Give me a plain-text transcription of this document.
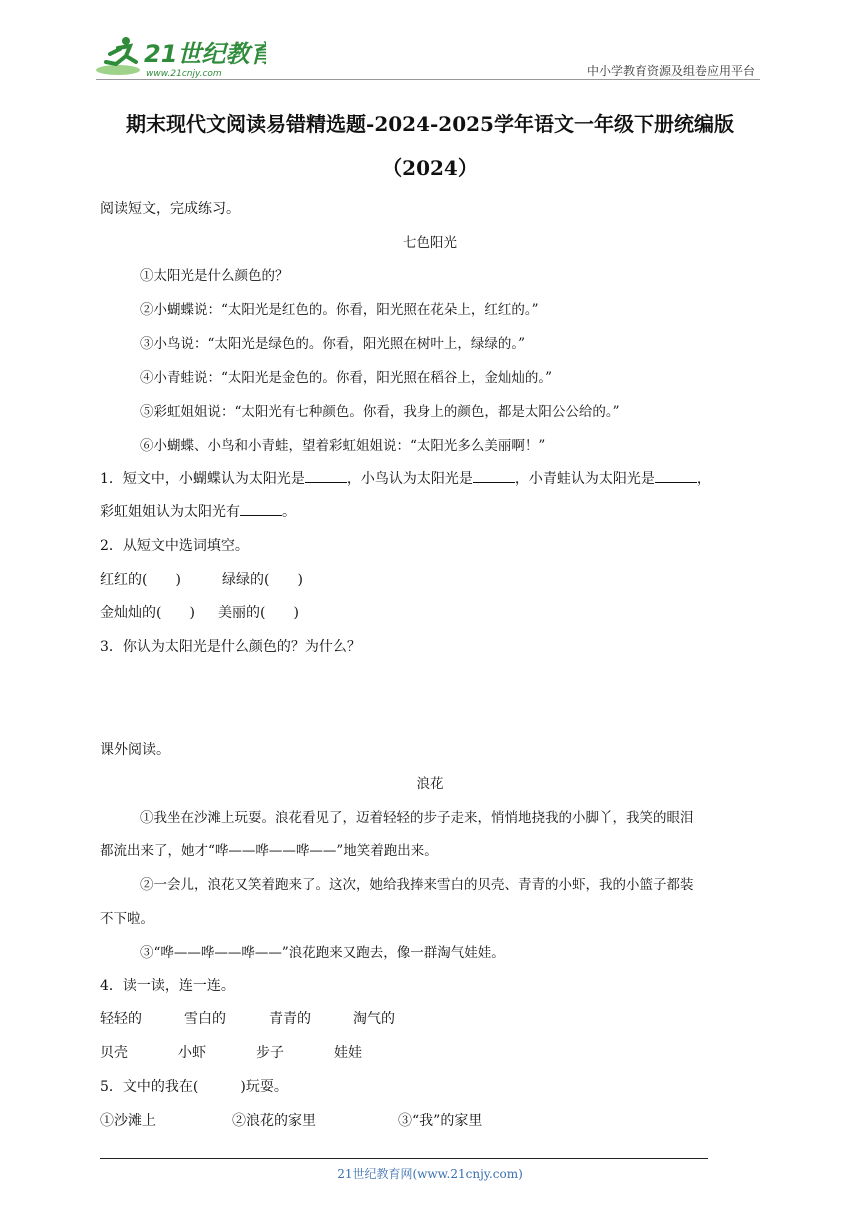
21世纪教育
www.21cnjy.com	中小学教育资源及组卷应用平台
期末现代文阅读易错精选题-2024-2025学年语文一年级下册统编版
（2024）
阅读短文，完成练习。
七色阳光
①太阳光是什么颜色的？
②小蝴蝶说：“太阳光是红色的。你看，阳光照在花朵上，红红的。”
③小鸟说：“太阳光是绿色的。你看，阳光照在树叶上，绿绿的。”
④小青蛙说：“太阳光是金色的。你看，阳光照在稻谷上，金灿灿的。”
⑤彩虹姐姐说：“太阳光有七种颜色。你看，我身上的颜色，都是太阳公公给的。”
⑥小蝴蝶、小鸟和小青蛙，望着彩虹姐姐说：“太阳光多么美丽啊！”
1．短文中，小蝴蝶认为太阳光是	，小鸟认为太阳光是	，小青蛙认为太阳光是	，
彩虹姐姐认为太阳光有	。
2．从短文中选词填空。
红红的(　　)	绿绿的(　　)
金灿灿的(　　) 美丽的(　　)
3．你认为太阳光是什么颜色的？为什么？
课外阅读。
浪花
①我坐在沙滩上玩耍。浪花看见了，迈着轻轻的步子走来，悄悄地挠我的小脚丫，我笑的眼泪
都流出来了，她才“哗——哗——哗——”地笑着跑出来。
②一会儿，浪花又笑着跑来了。这次，她给我捧来雪白的贝壳、青青的小虾，我的小篮子都装
不下啦。
③“哗——哗——哗——”浪花跑来又跑去，像一群淘气娃娃。
4．读一读，连一连。
轻轻的	雪白的	青青的	淘气的
贝壳	小虾	步子	娃娃
5．文中的我在(　　　)玩耍。
①沙滩上	②浪花的家里	③“我”的家里
21世纪教育网(www.21cnjy.com)
